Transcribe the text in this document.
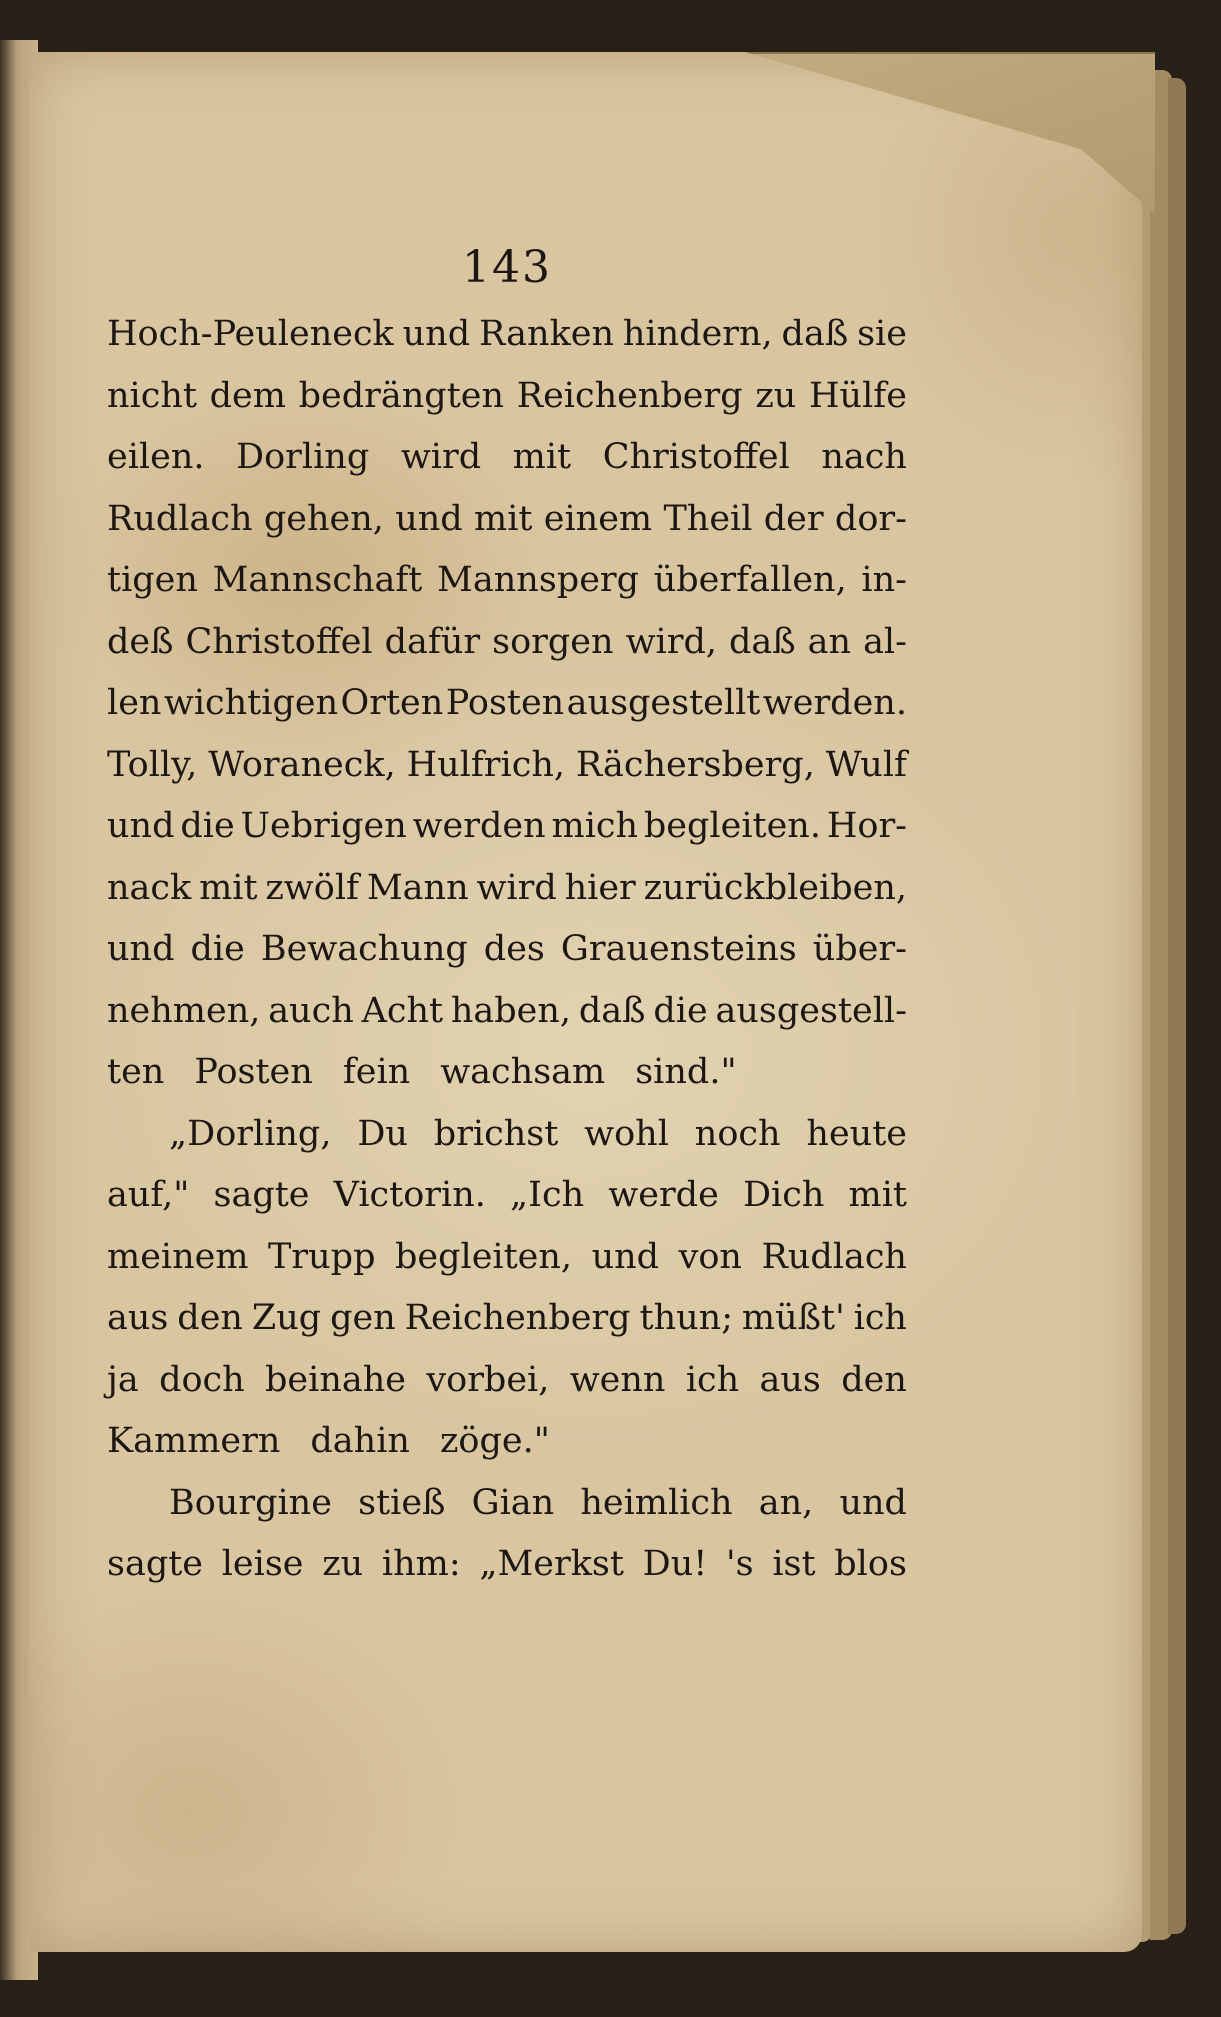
143
Hoch-Peuleneck und Ranken hindern, daß sie
nicht dem bedrängten Reichenberg zu Hülfe
eilen. Dorling wird mit Christoffel nach
Rudlach gehen, und mit einem Theil der dor-
tigen Mannschaft Mannsperg überfallen, in-
deß Christoffel dafür sorgen wird, daß an al-
len wichtigen Orten Posten ausgestellt werden.
Tolly, Woraneck, Hulfrich, Rächersberg, Wulf
und die Uebrigen werden mich begleiten. Hor-
nack mit zwölf Mann wird hier zurückbleiben,
und die Bewachung des Grauensteins über-
nehmen, auch Acht haben, daß die ausgestell-
ten Posten fein wachsam sind."
„Dorling, Du brichst wohl noch heute
auf," sagte Victorin. „Ich werde Dich mit
meinem Trupp begleiten, und von Rudlach
aus den Zug gen Reichenberg thun; müßt' ich
ja doch beinahe vorbei, wenn ich aus den
Kammern dahin zöge."
Bourgine stieß Gian heimlich an, und
sagte leise zu ihm: „Merkst Du! 's ist blos
